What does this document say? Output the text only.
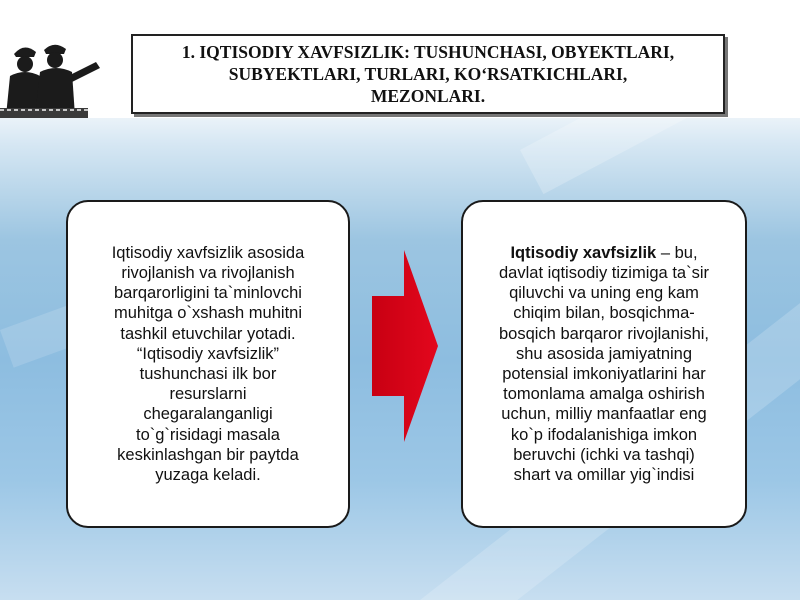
1. IQTISODIY XAVFSIZLIK: TUSHUNCHASI, OBYEKTLARI,
SUBYEKTLARI, TURLARI, KO‘RSATKICHLARI,
MEZONLARI.
Iqtisodiy xavfsizlik asosida
rivojlanish va rivojlanish
barqarorligini ta`minlovchi
muhitga o`xshash muhitni
tashkil etuvchilar yotadi.
“Iqtisodiy xavfsizlik”
tushunchasi ilk bor
resurslarni
chegaralanganligi
to`g`risidagi masala
keskinlashgan bir paytda
yuzaga keladi.
Iqtisodiy xavfsizlik – bu,
davlat iqtisodiy tizimiga ta`sir
qiluvchi va uning eng kam
chiqim bilan, bosqichma-
bosqich barqaror rivojlanishi,
shu asosida jamiyatning
potensial imkoniyatlarini har
tomonlama amalga oshirish
uchun, milliy manfaatlar eng
ko`p ifodalanishiga imkon
beruvchi (ichki va tashqi)
shart va omillar yig`indisi
